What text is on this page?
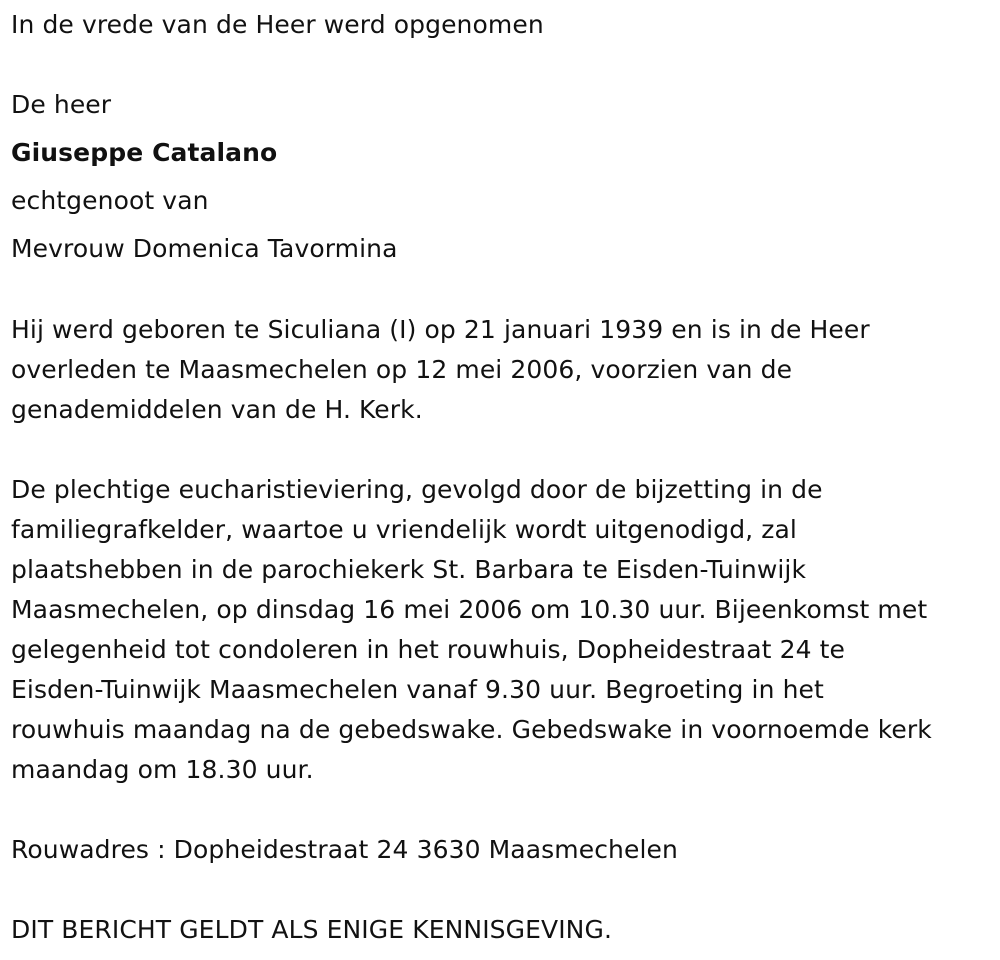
In de vrede van de Heer werd opgenomen
De heer
Giuseppe Catalano
echtgenoot van
Mevrouw Domenica Tavormina
Hij werd geboren te Siculiana (I) op 21 januari 1939 en is in de Heer
overleden te Maasmechelen op 12 mei 2006, voorzien van de
genademiddelen van de H. Kerk.
De plechtige eucharistieviering, gevolgd door de bijzetting in de
familiegrafkelder, waartoe u vriendelijk wordt uitgenodigd, zal
plaatshebben in de parochiekerk St. Barbara te Eisden-Tuinwijk
Maasmechelen, op dinsdag 16 mei 2006 om 10.30 uur. Bijeenkomst met
gelegenheid tot condoleren in het rouwhuis, Dopheidestraat 24 te
Eisden-Tuinwijk Maasmechelen vanaf 9.30 uur. Begroeting in het
rouwhuis maandag na de gebedswake. Gebedswake in voornoemde kerk
maandag om 18.30 uur.
Rouwadres : Dopheidestraat 24 3630 Maasmechelen
DIT BERICHT GELDT ALS ENIGE KENNISGEVING.
